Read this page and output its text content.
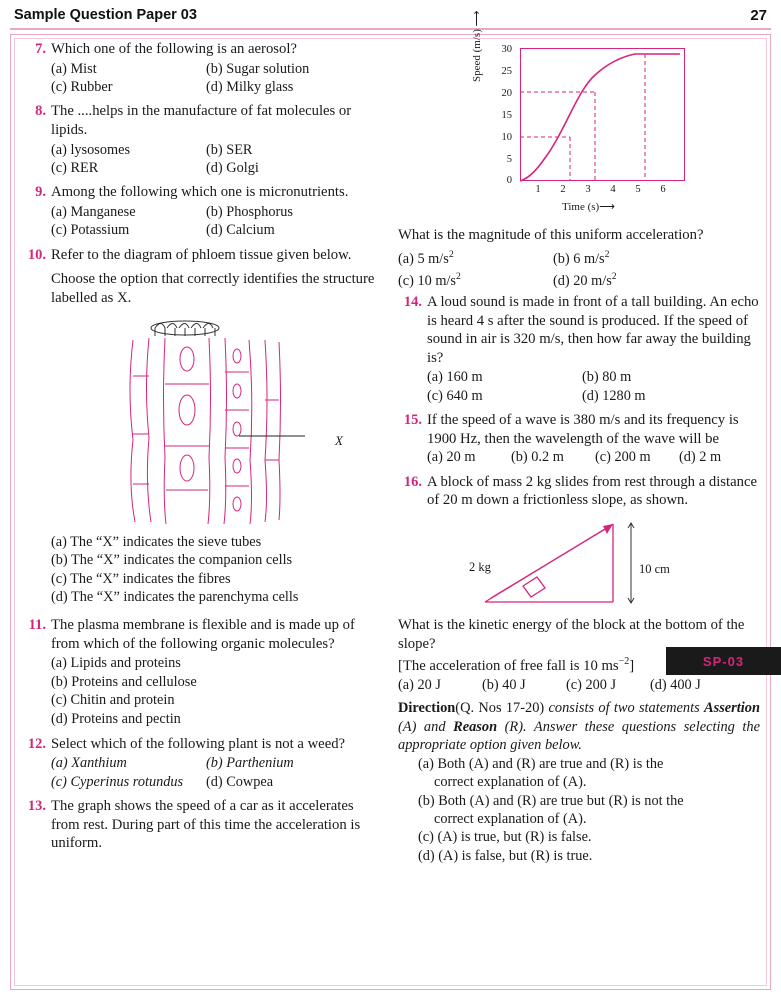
Sample Question Paper 03	27
7. Which one of the following is an aerosol?
(a) Mist	(b) Sugar solution
(c) Rubber	(d) Milky glass
8. The ....helps in the manufacture of fat molecules or lipids.
(a) lysosomes	(b) SER
(c) RER	(d) Golgi
9. Among the following which one is micronutrients.
(a) Manganese	(b) Phosphorus
(c) Potassium	(d) Calcium
10. Refer to the diagram of phloem tissue given below.
Choose the option that correctly identifies the structure labelled as X.
X
(a) The “X” indicates the sieve tubes
(b) The “X” indicates the companion cells
(c) The “X” indicates the fibres
(d) The “X” indicates the parenchyma cells
11. The plasma membrane is flexible and is made up of from which of the following organic molecules?
(a) Lipids and proteins
(b) Proteins and cellulose
(c) Chitin and protein
(d) Proteins and pectin
12. Select which of the following plant is not a weed?
(a) Xanthium	(b) Parthenium
(c) Cyperinus rotundus	(d) Cowpea
13. The graph shows the speed of a car as it accelerates from rest. During part of this time the acceleration is uniform.
Speed (m/s) ⟶
0
5
10
15
20
25
30
1	2	3	4	5	6
Time (s)⟶
What is the magnitude of this uniform acceleration?
(a) 5 $m/s^2$	(b) 6 $m/s^2$
(c) 10 $m/s^2$	(d) 20 $m/s^2$
14. A loud sound is made in front of a tall building. An echo is heard 4 s after the sound is produced. If the speed of sound in air is 320 m/s, then how far away the building is?
(a) 160 m	(b) 80 m
(c) 640 m	(d) 1280 m
15. If the speed of a wave is 380 m/s and its frequency is 1900 Hz, then the wavelength of the wave will be
(a) 20 m	(b) 0.2 m	(c) 200 m	(d) 2 m
16. A block of mass 2 kg slides from rest through a distance of 20 m down a frictionless slope, as shown.
2 kg	10 cm
What is the kinetic energy of the block at the bottom of the slope?
[The acceleration of free fall is 10 $ms^{-2}$]
(a) 20 J	(b) 40 J	(c) 200 J	(d) 400 J
Direction(Q. Nos 17-20) consists of two statements Assertion (A) and Reason (R). Answer these questions selecting the appropriate option given below.
(a) Both (A) and (R) are true and (R) is the
correct explanation of (A).
(b) Both (A) and (R) are true but (R) is not the
correct explanation of (A).
(c) (A) is true, but (R) is false.
(d) (A) is false, but (R) is true.
SP-03
